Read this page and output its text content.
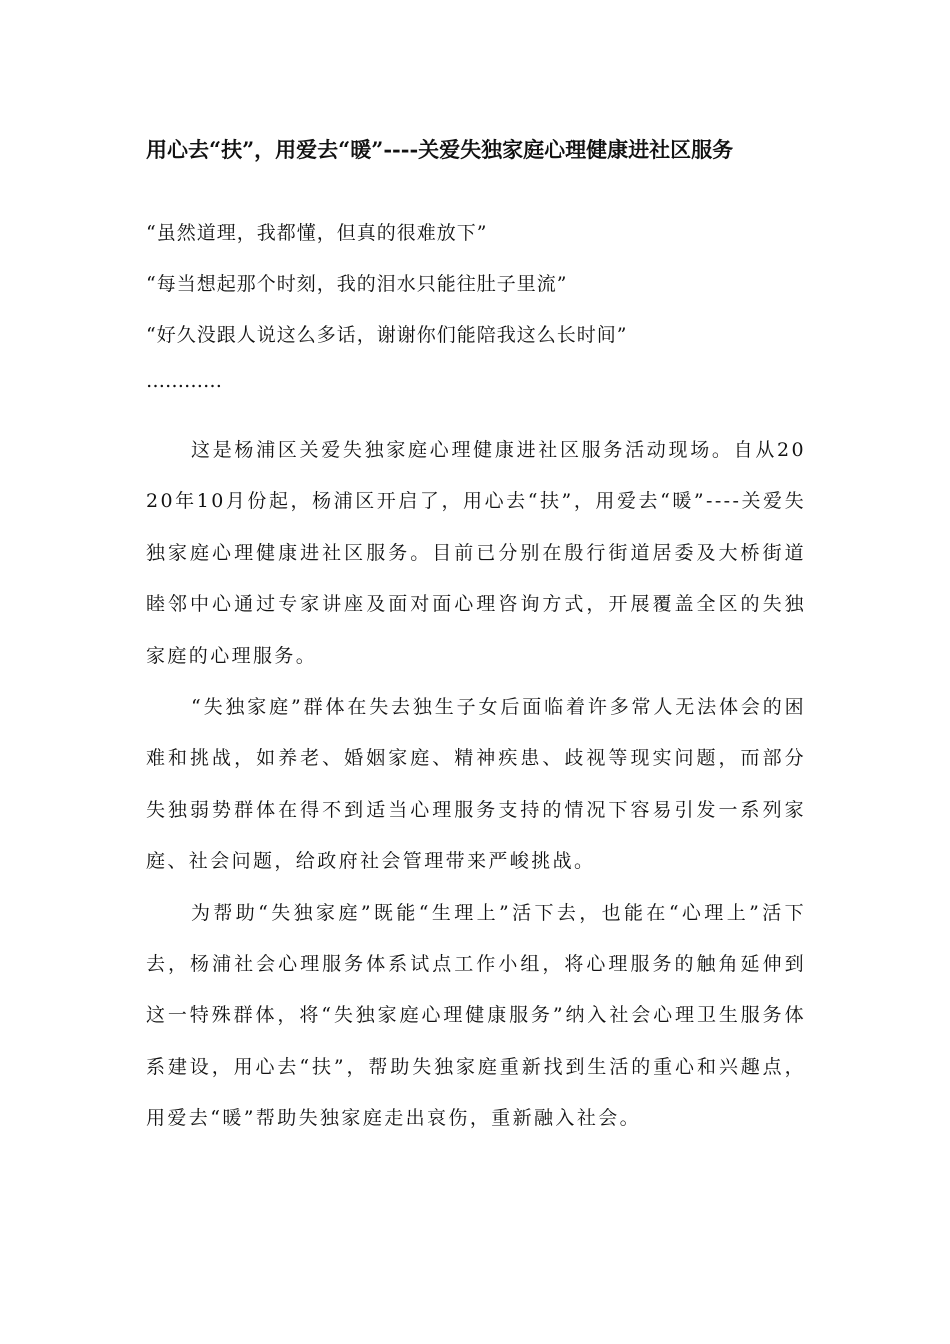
用心去“扶”，用爱去“暖”----关爱失独家庭心理健康进社区服务
“虽然道理，我都懂，但真的很难放下”
“每当想起那个时刻，我的泪水只能往肚子里流”
“好久没跟人说这么多话，谢谢你们能陪我这么长时间”
…………

这是杨浦区关爱失独家庭心理健康进社区服务活动现场。自从2020年10月份起，杨浦区开启了，用心去“扶”，用爱去“暖”----关爱失独家庭心理健康进社区服务。目前已分别在殷行街道居委及大桥街道睦邻中心通过专家讲座及面对面心理咨询方式，开展覆盖全区的失独家庭的心理服务。

“失独家庭”群体在失去独生子女后面临着许多常人无法体会的困难和挑战，如养老、婚姻家庭、精神疾患、歧视等现实问题，而部分失独弱势群体在得不到适当心理服务支持的情况下容易引发一系列家庭、社会问题，给政府社会管理带来严峻挑战。

为帮助“失独家庭”既能“生理上”活下去，也能在“心理上”活下去，杨浦社会心理服务体系试点工作小组，将心理服务的触角延伸到这一特殊群体，将“失独家庭心理健康服务”纳入社会心理卫生服务体系建设，用心去“扶”，帮助失独家庭重新找到生活的重心和兴趣点，用爱去“暖”帮助失独家庭走出哀伤，重新融入社会。
